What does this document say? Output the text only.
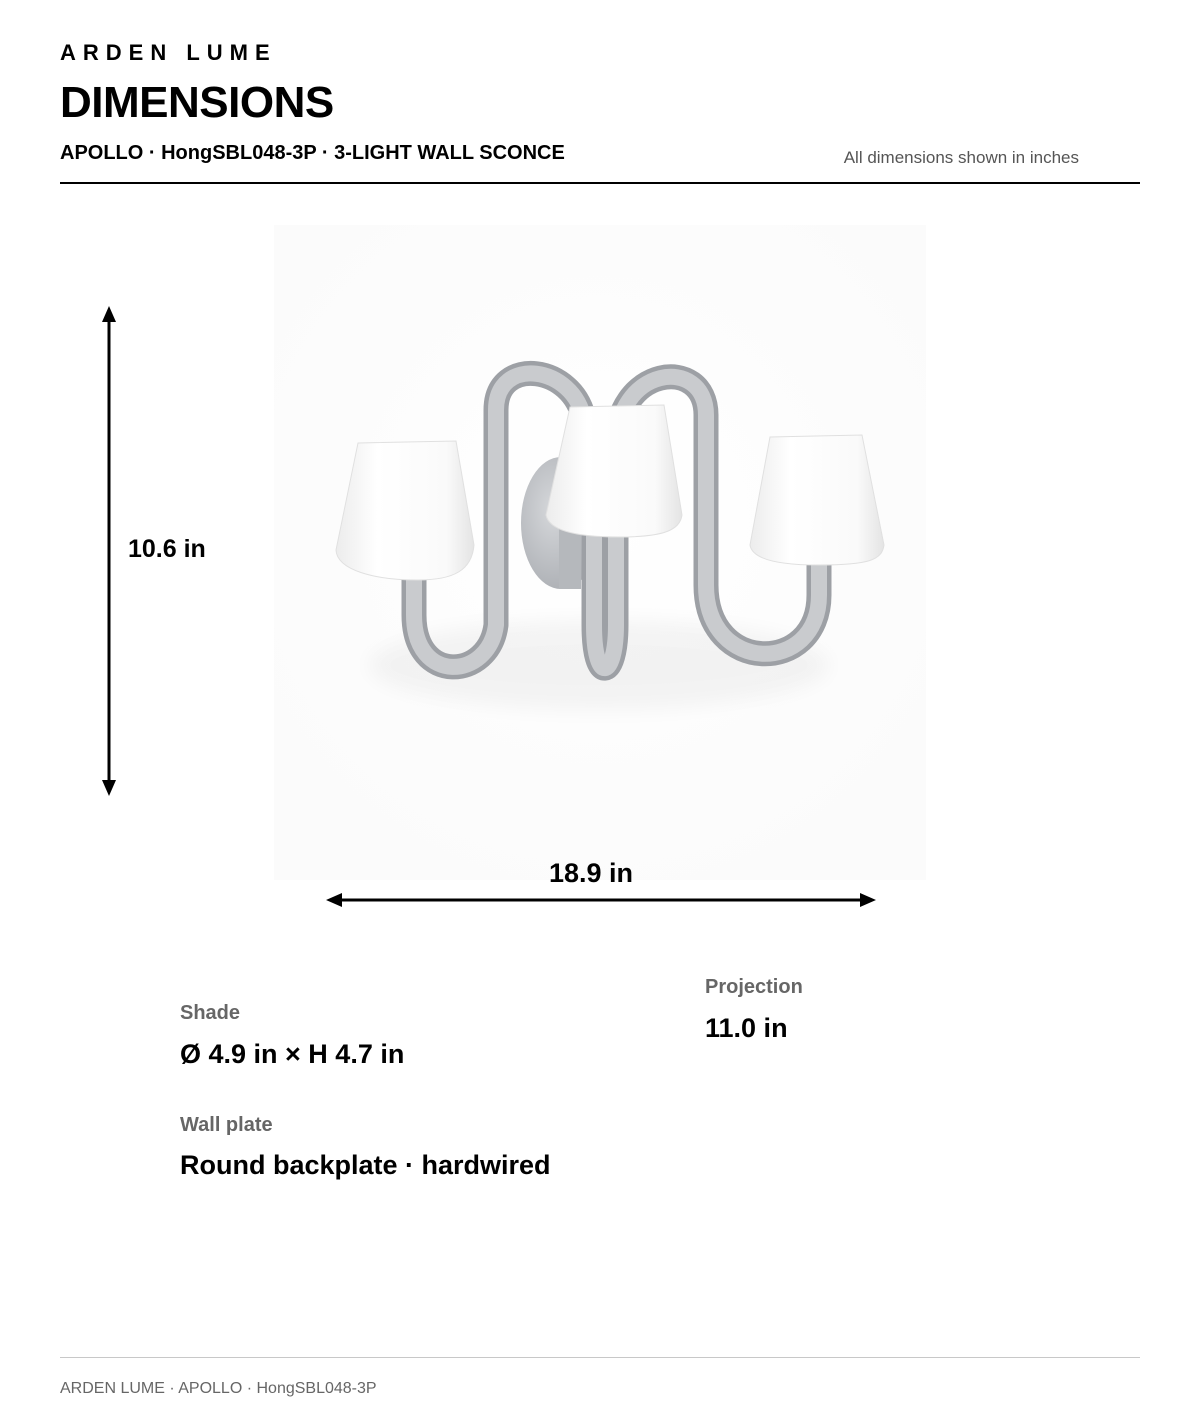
ARDEN LUME
DIMENSIONS

APOLLO · HongSBL048-3P · 3-LIGHT WALL SCONCE	All dimensions shown in inches

10.6 in

18.9 in

Shade

Ø 4.9 in × H 4.7 in

Projection

11.0 in

Wall plate

Round backplate · hardwired

ARDEN LUME · APOLLO · HongSBL048-3P
